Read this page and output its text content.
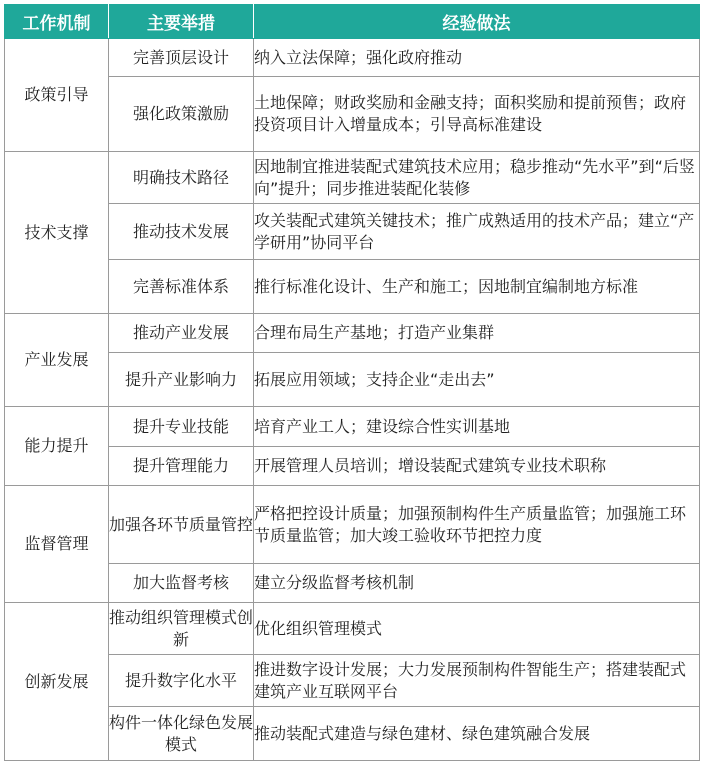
工作机制	主要举措	经验做法
政策引导	完善顶层设计	纳入立法保障；强化政府推动
	强化政策激励	土地保障；财政奖励和金融支持；面积奖励和提前预售；政府投资项目计入增量成本；引导高标准建设
技术支撑	明确技术路径	因地制宜推进装配式建筑技术应用；稳步推动“先水平”到“后竖向”提升；同步推进装配化装修
	推动技术发展	攻关装配式建筑关键技术；推广成熟适用的技术产品；建立“产学研用”协同平台
	完善标准体系	推行标准化设计、生产和施工；因地制宜编制地方标准
产业发展	推动产业发展	合理布局生产基地；打造产业集群
	提升产业影响力	拓展应用领域；支持企业“走出去”
能力提升	提升专业技能	培育产业工人；建设综合性实训基地
	提升管理能力	开展管理人员培训；增设装配式建筑专业技术职称
监督管理	加强各环节质量管控	严格把控设计质量；加强预制构件生产质量监管；加强施工环节质量监管；加大竣工验收环节把控力度
	加大监督考核	建立分级监督考核机制
创新发展	推动组织管理模式创新	优化组织管理模式
	提升数字化水平	推进数字设计发展；大力发展预制构件智能生产；搭建装配式建筑产业互联网平台
	构件一体化绿色发展模式	推动装配式建造与绿色建材、绿色建筑融合发展
